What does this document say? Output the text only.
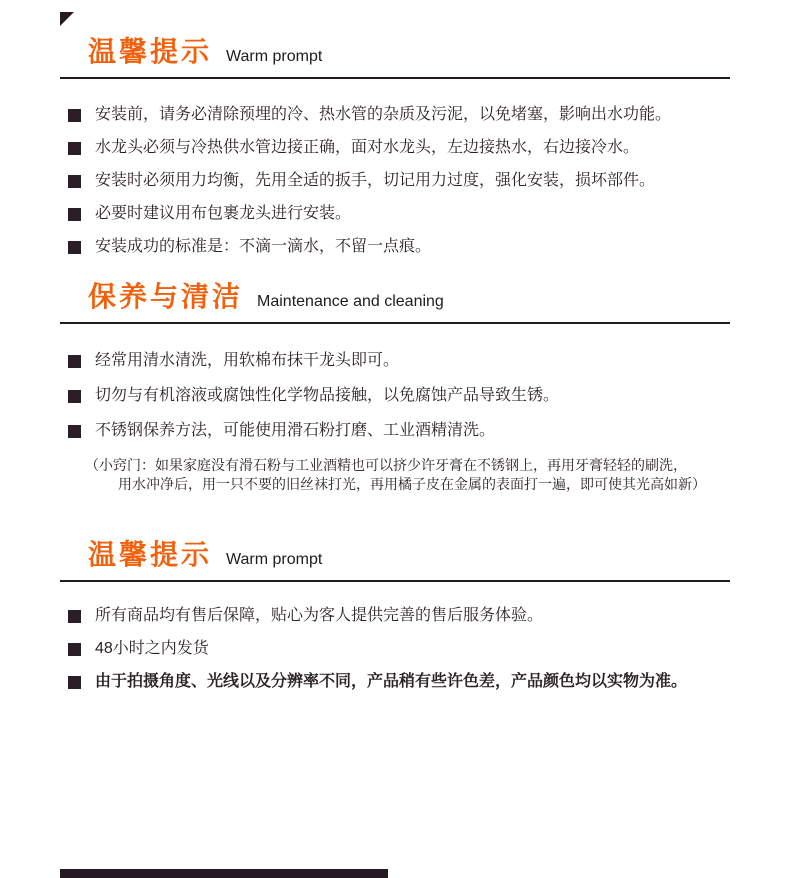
温馨提示 Warm prompt
安装前，请务必清除预埋的冷、热水管的杂质及污泥，以免堵塞，影响出水功能。
水龙头必须与冷热供水管边接正确，面对水龙头，左边接热水，右边接冷水。
安装时必须用力均衡，先用全适的扳手，切记用力过度，强化安装，损坏部件。
必要时建议用布包裹龙头进行安装。
安装成功的标准是：不滴一滴水，不留一点痕。
保养与清洁 Maintenance and cleaning
经常用清水清洗，用软棉布抹干龙头即可。
切勿与有机溶液或腐蚀性化学物品接触，以免腐蚀产品导致生锈。
不锈钢保养方法，可能使用滑石粉打磨、工业酒精清洗。
（小窍门：如果家庭没有滑石粉与工业酒精也可以挤少许牙膏在不锈钢上，再用牙膏轻轻的刷洗，
用水冲净后，用一只不要的旧丝袜打光，再用橘子皮在金属的表面打一遍，即可使其光高如新）
温馨提示 Warm prompt
所有商品均有售后保障，贴心为客人提供完善的售后服务体验。
48小时之内发货
由于拍摄角度、光线以及分辨率不同，产品稍有些许色差，产品颜色均以实物为准。
